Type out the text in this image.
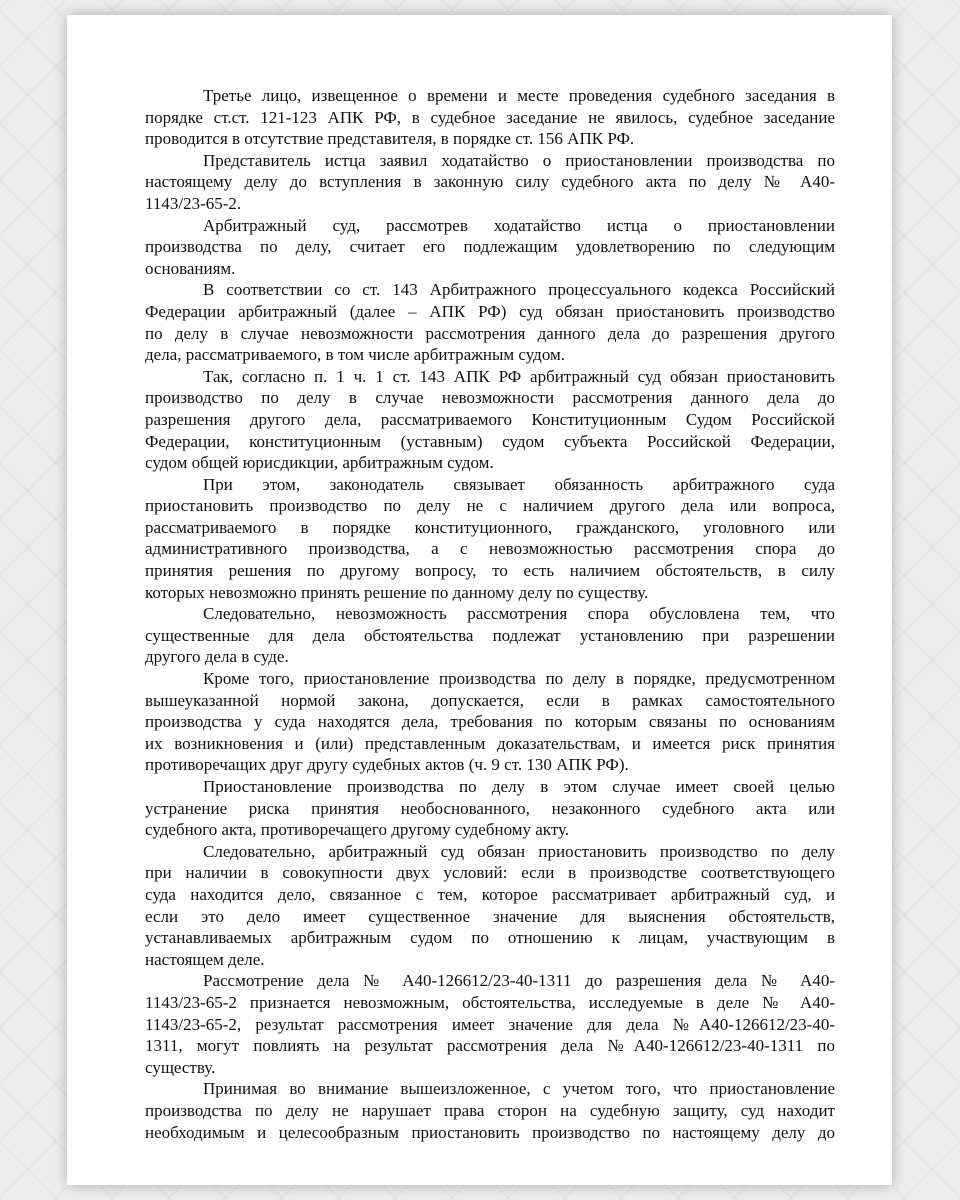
Третье лицо, извещенное о времени и месте проведения судебного заседания в
порядке ст.ст. 121-123 АПК РФ, в судебное заседание не явилось, судебное заседание
проводится в отсутствие представителя, в порядке ст. 156 АПК РФ.
Представитель истца заявил ходатайство о приостановлении производства по
настоящему делу до вступления в законную силу судебного акта по делу № А40-
1143/23-65-2.
Арбитражный суд, рассмотрев ходатайство истца о приостановлении
производства по делу, считает его подлежащим удовлетворению по следующим
основаниям.
В соответствии со ст. 143 Арбитражного процессуального кодекса Российский
Федерации арбитражный (далее – АПК РФ) суд обязан приостановить производство
по делу в случае невозможности рассмотрения данного дела до разрешения другого
дела, рассматриваемого, в том числе арбитражным судом.
Так, согласно п. 1 ч. 1 ст. 143 АПК РФ арбитражный суд обязан приостановить
производство по делу в случае невозможности рассмотрения данного дела до
разрешения другого дела, рассматриваемого Конституционным Судом Российской
Федерации, конституционным (уставным) судом субъекта Российской Федерации,
судом общей юрисдикции, арбитражным судом.
При этом, законодатель связывает обязанность арбитражного суда
приостановить производство по делу не с наличием другого дела или вопроса,
рассматриваемого в порядке конституционного, гражданского, уголовного или
административного производства, а с невозможностью рассмотрения спора до
принятия решения по другому вопросу, то есть наличием обстоятельств, в силу
которых невозможно принять решение по данному делу по существу.
Следовательно, невозможность рассмотрения спора обусловлена тем, что
существенные для дела обстоятельства подлежат установлению при разрешении
другого дела в суде.
Кроме того, приостановление производства по делу в порядке, предусмотренном
вышеуказанной нормой закона, допускается, если в рамках самостоятельного
производства у суда находятся дела, требования по которым связаны по основаниям
их возникновения и (или) представленным доказательствам, и имеется риск принятия
противоречащих друг другу судебных актов (ч. 9 ст. 130 АПК РФ).
Приостановление производства по делу в этом случае имеет своей целью
устранение риска принятия необоснованного, незаконного судебного акта или
судебного акта, противоречащего другому судебному акту.
Следовательно, арбитражный суд обязан приостановить производство по делу
при наличии в совокупности двух условий: если в производстве соответствующего
суда находится дело, связанное с тем, которое рассматривает арбитражный суд, и
если это дело имеет существенное значение для выяснения обстоятельств,
устанавливаемых арбитражным судом по отношению к лицам, участвующим в
настоящем деле.
Рассмотрение дела № А40-126612/23-40-1311 до разрешения дела № А40-
1143/23-65-2 признается невозможным, обстоятельства, исследуемые в деле № А40-
1143/23-65-2, результат рассмотрения имеет значение для дела №А40-126612/23-40-
1311, могут повлиять на результат рассмотрения дела №А40-126612/23-40-1311 по
существу.
Принимая во внимание вышеизложенное, с учетом того, что приостановление
производства по делу не нарушает права сторон на судебную защиту, суд находит
необходимым и целесообразным приостановить производство по настоящему делу до
